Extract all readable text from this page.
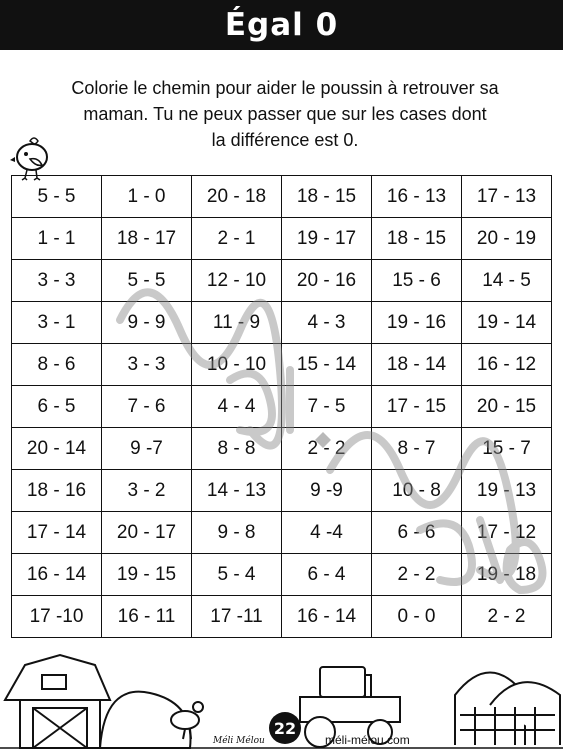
Égal 0
Colorie le chemin pour aider le poussin à retrouver sa
maman. Tu ne peux passer que sur les cases dont
la différence est 0.
5 - 5	1 - 0	20 - 18	18 - 15	16 - 13	17 - 13
1 - 1	18 - 17	2 - 1	19 - 17	18 - 15	20 - 19
3 - 3	5 - 5	12 - 10	20 - 16	15 - 6	14 - 5
3 - 1	9 - 9	11 - 9	4 - 3	19 - 16	19 - 14
8 - 6	3 - 3	10 - 10	15 - 14	18 - 14	16 - 12
6 - 5	7 - 6	4 - 4	7 - 5	17 - 15	20 - 15
20 - 14	9 -7	8 - 8	2 - 2	8 - 7	15 - 7
18 - 16	3 - 2	14 - 13	9 -9	10 - 8	19 - 13
17 - 14	20 - 17	9 - 8	4 -4	6 - 6	17 - 12
16 - 14	19 - 15	5 - 4	6 - 4	2 - 2	19 - 18
17 -10	16 - 11	17 -11	16 - 14	0 - 0	2 - 2
22
Méli Mélou	méli-mélou.com
